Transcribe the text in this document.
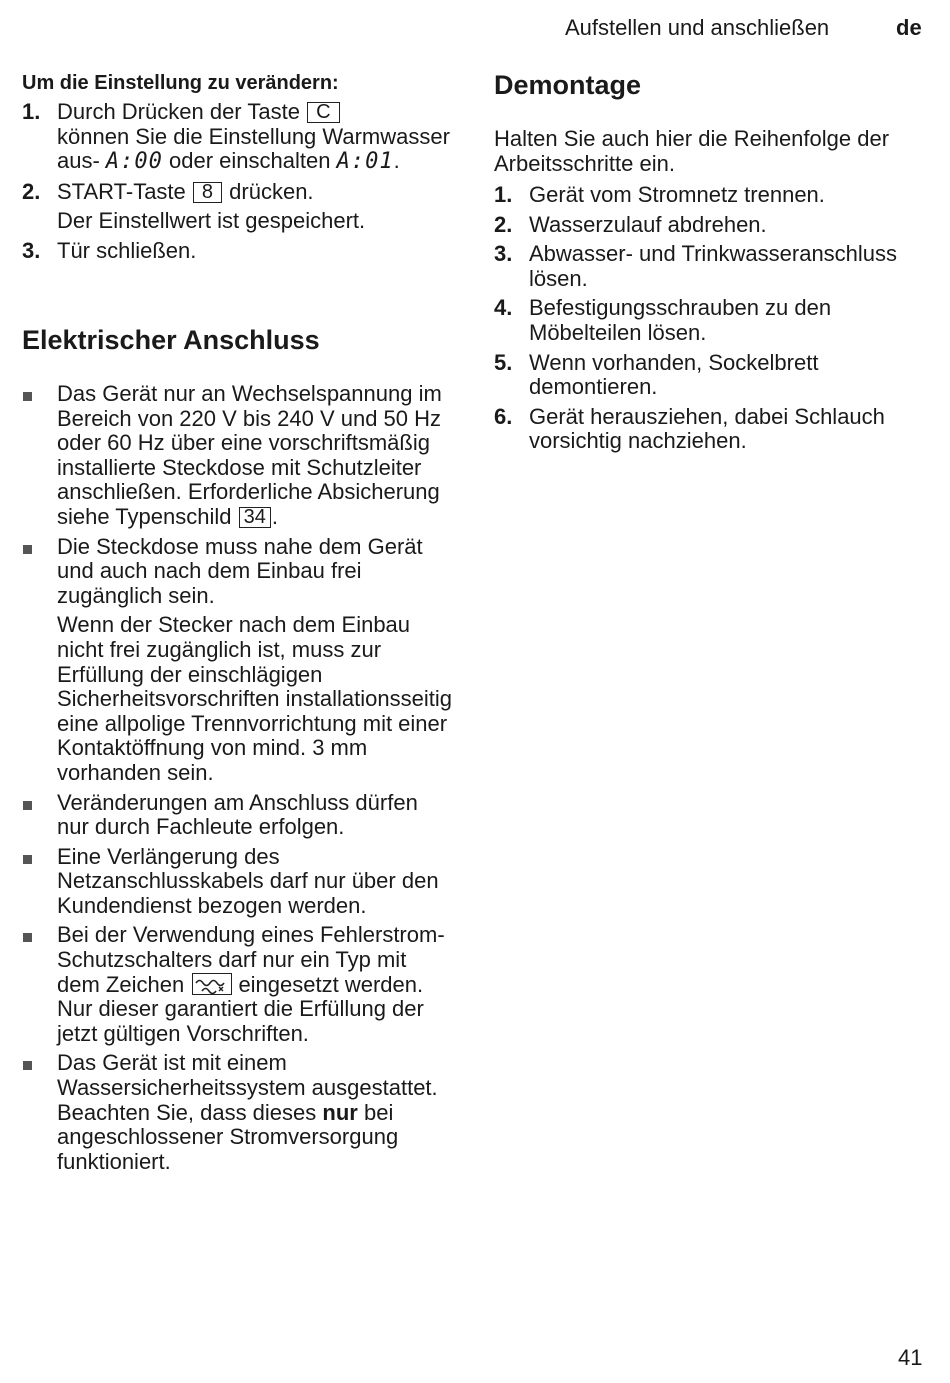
Aufstellen und anschließen	de
Um die Einstellung zu verändern:
1. Durch Drücken der Taste C
können Sie die Einstellung Warmwasser aus- A:00 oder einschalten A:01.
2. START-Taste 8 drücken.

Der Einstellwert ist gespeichert.

3. Tür schließen.
Elektrischer Anschluss
Das Gerät nur an Wechselspannung im Bereich von 220 V bis 240 V und 50 Hz oder 60 Hz über eine vorschriftsmäßig installierte Steckdose mit Schutzleiter anschließen. Erforderliche Absicherung siehe Typenschild 34 .

Die Steckdose muss nahe dem Gerät und auch nach dem Einbau frei zugänglich sein.

Wenn der Stecker nach dem Einbau nicht frei zugänglich ist, muss zur Erfüllung der einschlägigen Sicherheitsvorschriften installationsseitig eine allpolige Trennvorrichtung mit einer Kontaktöffnung von mind. 3 mm vorhanden sein.

Veränderungen am Anschluss dürfen nur durch Fachleute erfolgen.
Eine Verlängerung des Netzanschlusskabels darf nur über den Kundendienst bezogen werden.
Bei der Verwendung eines Fehlerstrom-Schutzschalters darf nur ein Typ mit dem Zeichen eingesetzt werden. Nur dieser garantiert die Erfüllung der jetzt gültigen Vorschriften.
Das Gerät ist mit einem Wassersicherheitssystem ausgestattet. Beachten Sie, dass dieses nur bei angeschlossener Stromversorgung funktioniert.
Demontage

Halten Sie auch hier die Reihenfolge der Arbeitsschritte ein.

1. Gerät vom Stromnetz trennen.
2. Wasserzulauf abdrehen.
3. Abwasser- und Trinkwasseranschluss lösen.
4. Befestigungsschrauben zu den Möbelteilen lösen.
5. Wenn vorhanden, Sockelbrett demontieren.
6. Gerät herausziehen, dabei Schlauch vorsichtig nachziehen.
41
